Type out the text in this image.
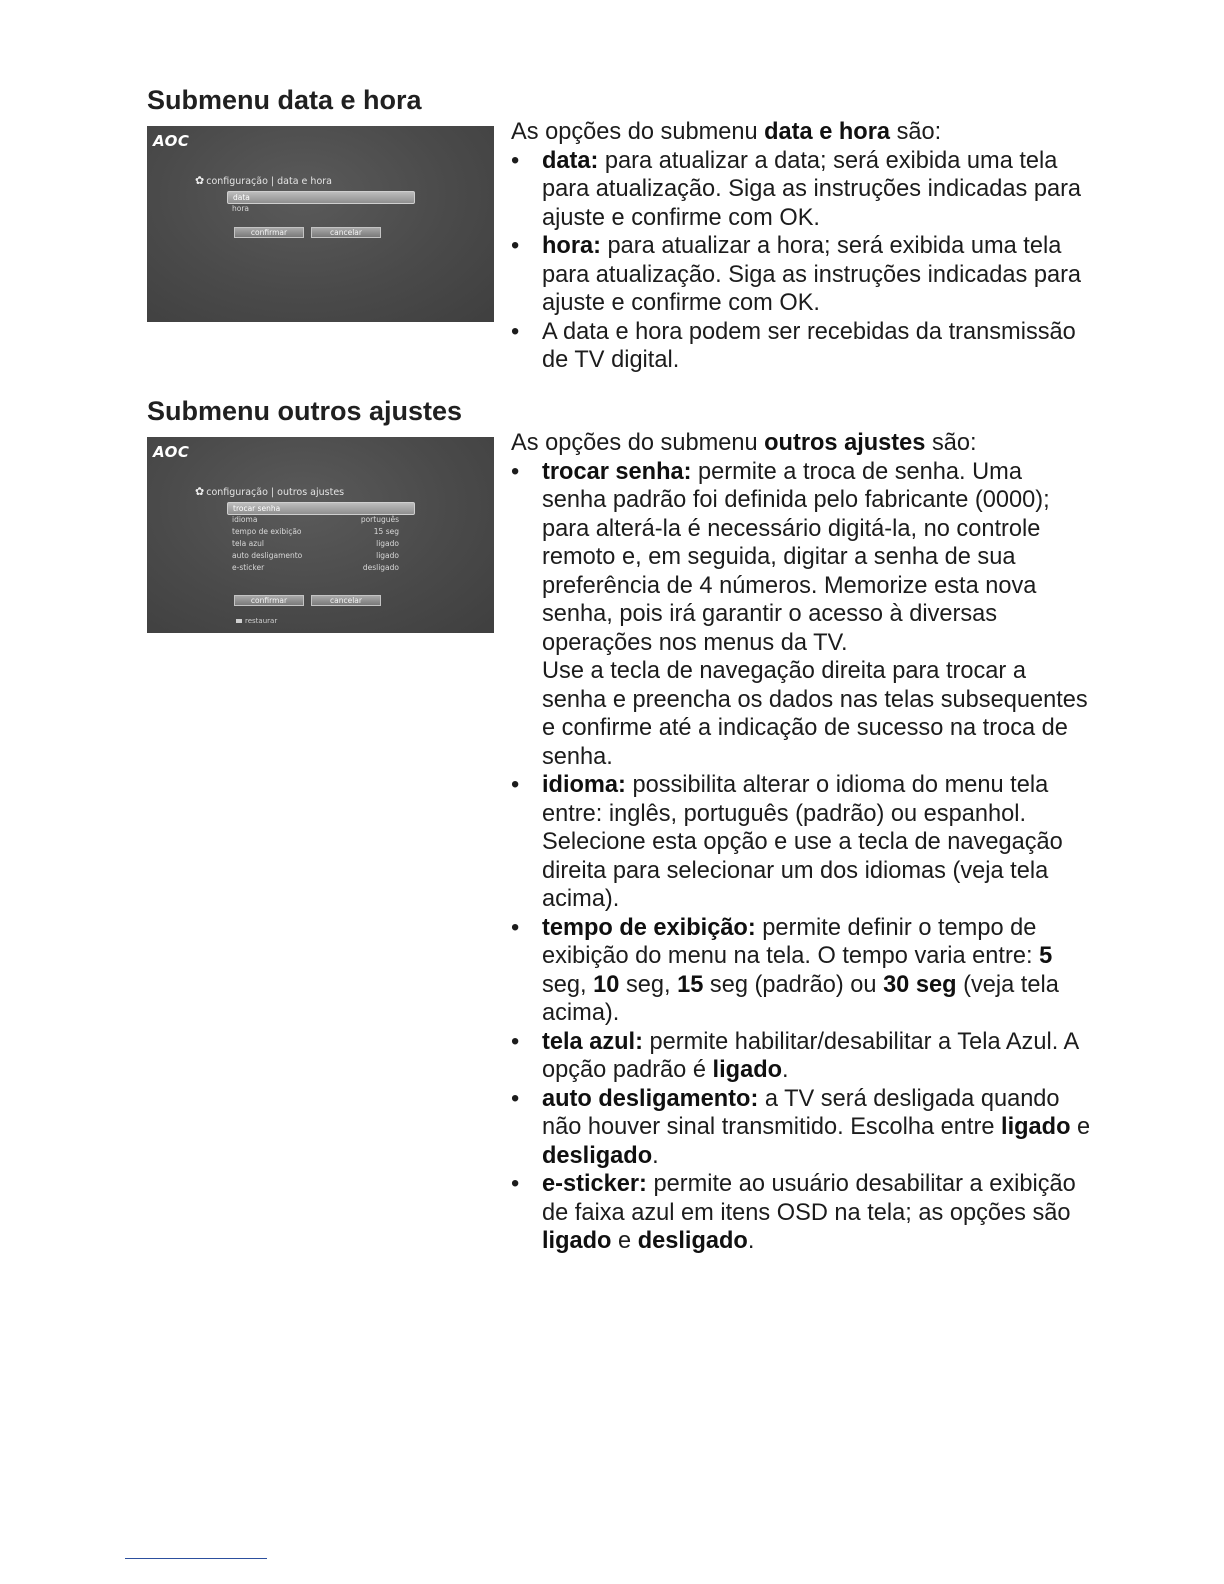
Submenu data e hora
AOC
✿ configuração | data e hora
data
hora
confirmar	cancelar

As opções do submenu data e hora são:

• data: para atualizar a data; será exibida uma tela para atualização. Siga as instruções indicadas para ajuste e confirme com OK.
• hora: para atualizar a hora; será exibida uma tela para atualização. Siga as instruções indicadas para ajuste e confirme com OK.
• A data e hora podem ser recebidas da transmissão de TV digital.
Submenu outros ajustes
AOC
✿ configuração | outros ajustes
trocar senha
idioma	português
tempo de exibição	15 seg
tela azul	ligado
auto desligamento	ligado
e-sticker	desligado
confirmar	cancelar
restaurar

As opções do submenu outros ajustes são:

• trocar senha: permite a troca de senha. Uma senha padrão foi definida pelo fabricante (0000); para alterá-la é necessário digitá-la, no controle remoto e, em seguida, digitar a senha de sua preferência de 4 números. Memorize esta nova senha, pois irá garantir o acesso à diversas operações nos menus da TV.
Use a tecla de navegação direita para trocar a senha e preencha os dados nas telas subsequentes e confirme até a indicação de sucesso na troca de senha.
• idioma: possibilita alterar o idioma do menu tela entre: inglês, português (padrão) ou espanhol. Selecione esta opção e use a tecla de navegação direita para selecionar um dos idiomas (veja tela acima).
• tempo de exibição: permite definir o tempo de exibição do menu na tela. O tempo varia entre: 5 seg, 10 seg, 15 seg (padrão) ou 30 seg (veja tela acima).
• tela azul: permite habilitar/desabilitar a Tela Azul. A opção padrão é ligado.
• auto desligamento: a TV será desligada quando não houver sinal transmitido. Escolha entre ligado e desligado.
• e-sticker: permite ao usuário desabilitar a exibição de faixa azul em itens OSD na tela; as opções são ligado e desligado.
